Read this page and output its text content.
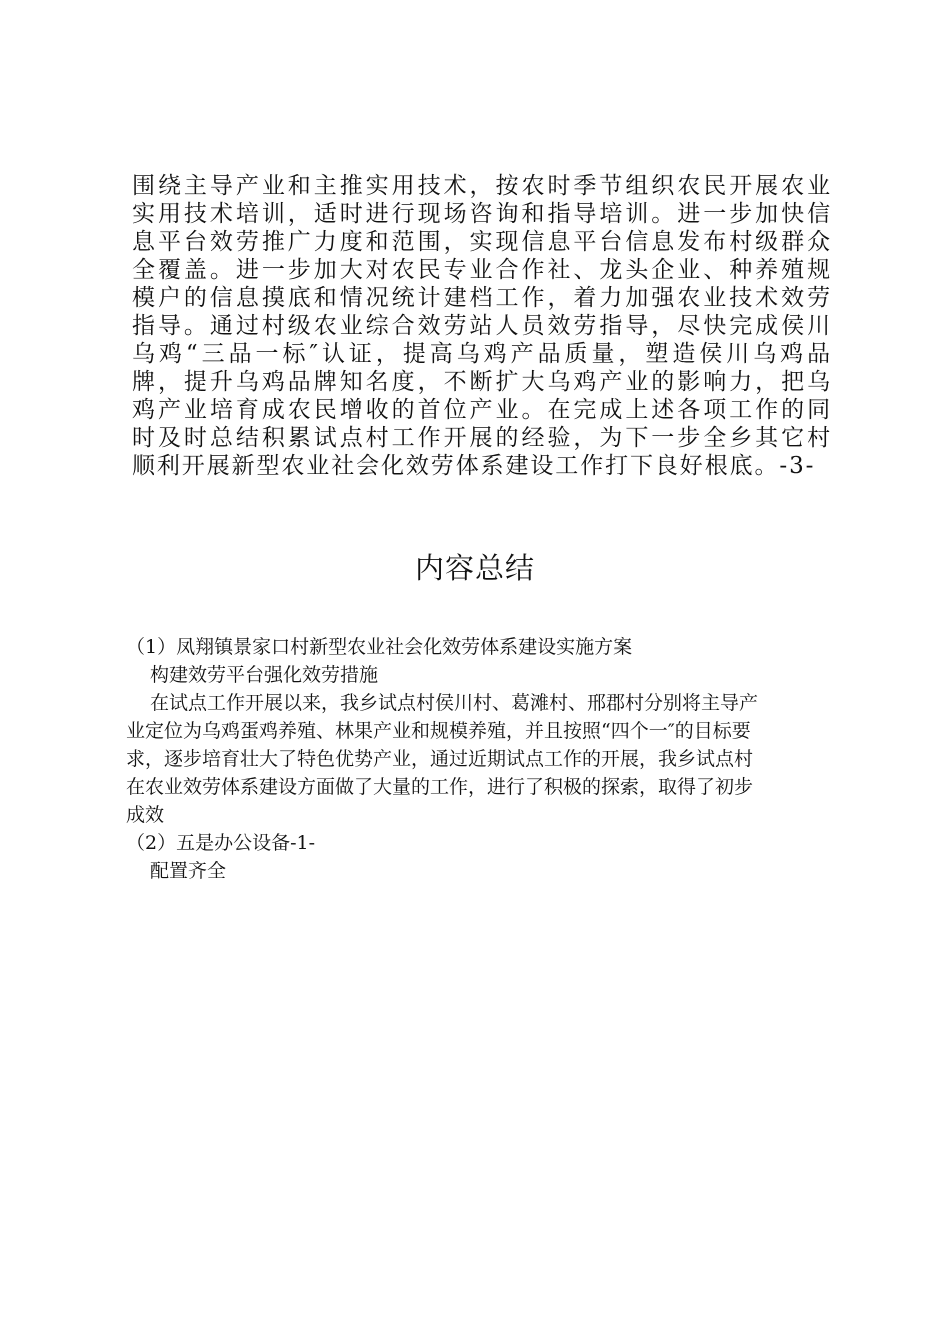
围绕主导产业和主推实用技术，按农时季节组织农民开展农业
实用技术培训，适时进行现场咨询和指导培训。进一步加快信
息平台效劳推广力度和范围，实现信息平台信息发布村级群众
全覆盖。进一步加大对农民专业合作社、龙头企业、种养殖规
模户的信息摸底和情况统计建档工作，着力加强农业技术效劳
指导。通过村级农业综合效劳站人员效劳指导，尽快完成侯川
乌鸡“三品一标″认证，提高乌鸡产品质量，塑造侯川乌鸡品
牌，提升乌鸡品牌知名度，不断扩大乌鸡产业的影响力，把乌
鸡产业培育成农民增收的首位产业。在完成上述各项工作的同
时及时总结积累试点村工作开展的经验，为下一步全乡其它村
顺利开展新型农业社会化效劳体系建设工作打下良好根底。-3-
内容总结
（1）凤翔镇景家口村新型农业社会化效劳体系建设实施方案
构建效劳平台强化效劳措施
在试点工作开展以来，我乡试点村侯川村、葛滩村、邢郡村分别将主导产
业定位为乌鸡蛋鸡养殖、林果产业和规模养殖，并且按照“四个一″的目标要
求，逐步培育壮大了特色优势产业，通过近期试点工作的开展，我乡试点村
在农业效劳体系建设方面做了大量的工作，进行了积极的探索，取得了初步
成效
（2）五是办公设备-1-
配置齐全
